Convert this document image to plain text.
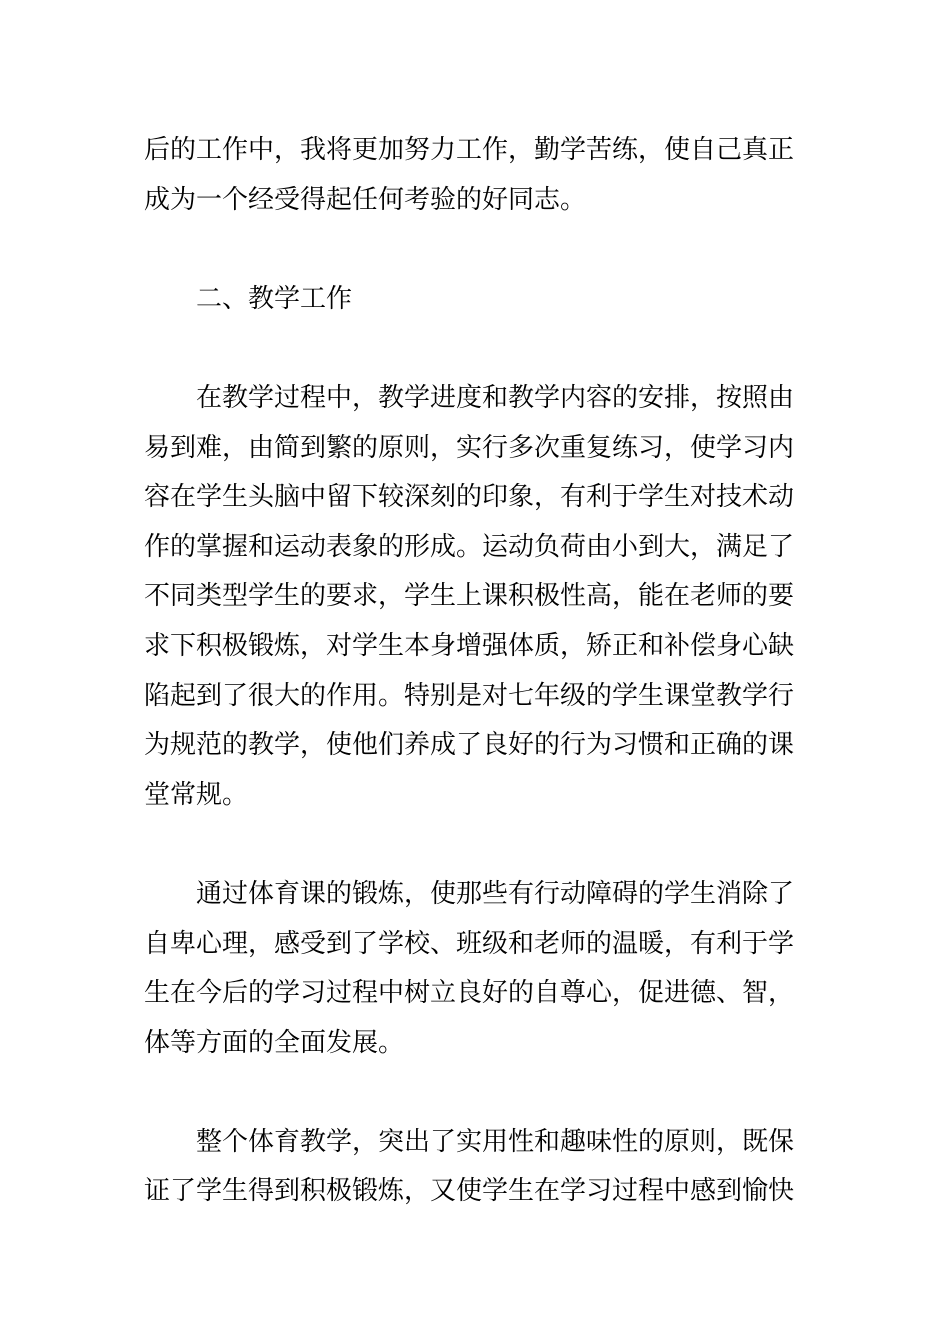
后的工作中，我将更加努力工作，勤学苦练，使自己真正
成为一个经受得起任何考验的好同志。
二、教学工作
在教学过程中，教学进度和教学内容的安排，按照由
易到难，由简到繁的原则，实行多次重复练习，使学习内
容在学生头脑中留下较深刻的印象，有利于学生对技术动
作的掌握和运动表象的形成。运动负荷由小到大，满足了
不同类型学生的要求，学生上课积极性高，能在老师的要
求下积极锻炼，对学生本身增强体质，矫正和补偿身心缺
陷起到了很大的作用。特别是对七年级的学生课堂教学行
为规范的教学，使他们养成了良好的行为习惯和正确的课
堂常规。
通过体育课的锻炼，使那些有行动障碍的学生消除了
自卑心理，感受到了学校、班级和老师的温暖，有利于学
生在今后的学习过程中树立良好的自尊心，促进德、智，
体等方面的全面发展。
整个体育教学，突出了实用性和趣味性的原则，既保
证了学生得到积极锻炼，又使学生在学习过程中感到愉快
